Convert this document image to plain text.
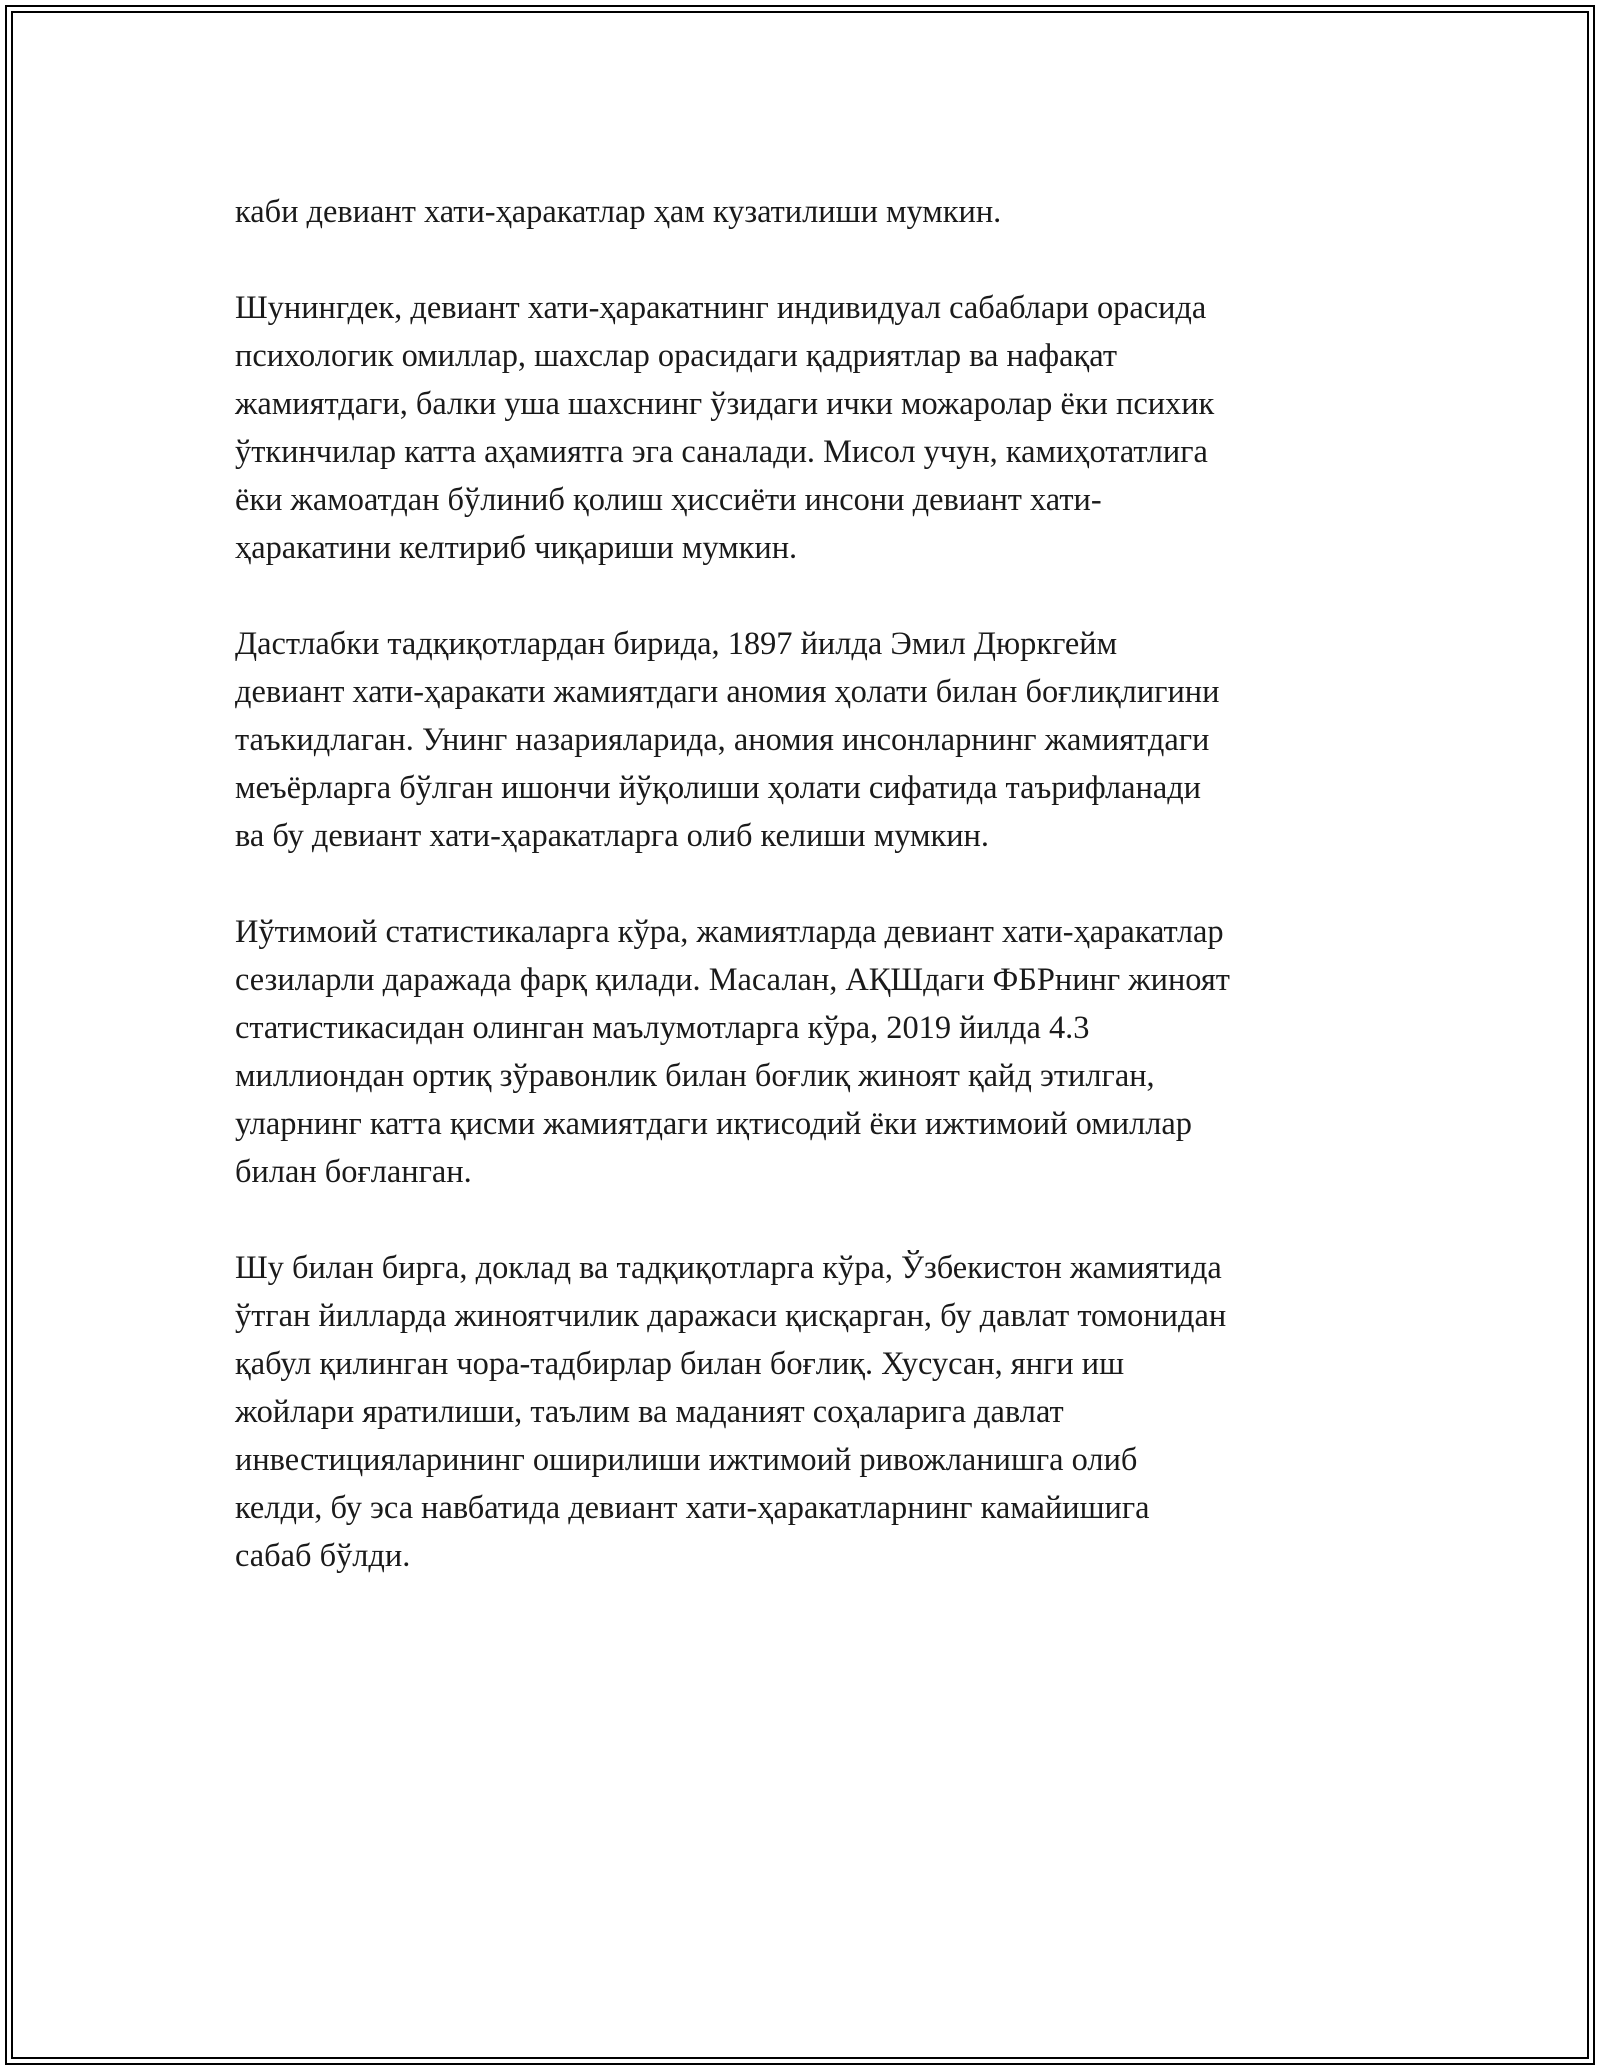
каби девиант хати-ҳаракатлар ҳам кузатилиши мумкин.

Шунингдек, девиант хати-ҳаракатнинг индивидуал сабаблари орасида
психологик омиллар, шахслар орасидаги қадриятлар ва нафақат
жамиятдаги, балки уша шахснинг ўзидаги ички можаролар ёки психик
ўткинчилар катта аҳамиятга эга саналади. Мисол учун, камиҳотатлига
ёки жамоатдан бўлиниб қолиш ҳиссиёти инсони девиант хати-
ҳаракатини келтириб чиқариши мумкин.

Дастлабки тадқиқотлардан бирида, 1897 йилда Эмил Дюркгейм
девиант хати-ҳаракати жамиятдаги аномия ҳолати билан боғлиқлигини
таъкидлаган. Унинг назарияларида, аномия инсонларнинг жамиятдаги
меъёрларга бўлган ишончи йўқолиши ҳолати сифатида таърифланади
ва бу девиант хати-ҳаракатларга олиб келиши мумкин.

Иўтимоий статистикаларга кўра, жамиятларда девиант хати-ҳаракатлар
сезиларли даражада фарқ қилади. Масалан, АҚШдаги ФБРнинг жиноят
статистикасидан олинган маълумотларга кўра, 2019 йилда 4.3
миллиондан ортиқ зўравонлик билан боғлиқ жиноят қайд этилган,
уларнинг катта қисми жамиятдаги иқтисодий ёки ижтимоий омиллар
билан боғланган.

Шу билан бирга, доклад ва тадқиқотларга кўра, Ўзбекистон жамиятида
ўтган йилларда жиноятчилик даражаси қисқарган, бу давлат томонидан
қабул қилинган чора-тадбирлар билан боғлиқ. Хусусан, янги иш
жойлари яратилиши, таълим ва маданият соҳаларига давлат
инвестицияларининг оширилиши ижтимоий ривожланишга олиб
келди, бу эса навбатида девиант хати-ҳаракатларнинг камайишига
сабаб бўлди.
